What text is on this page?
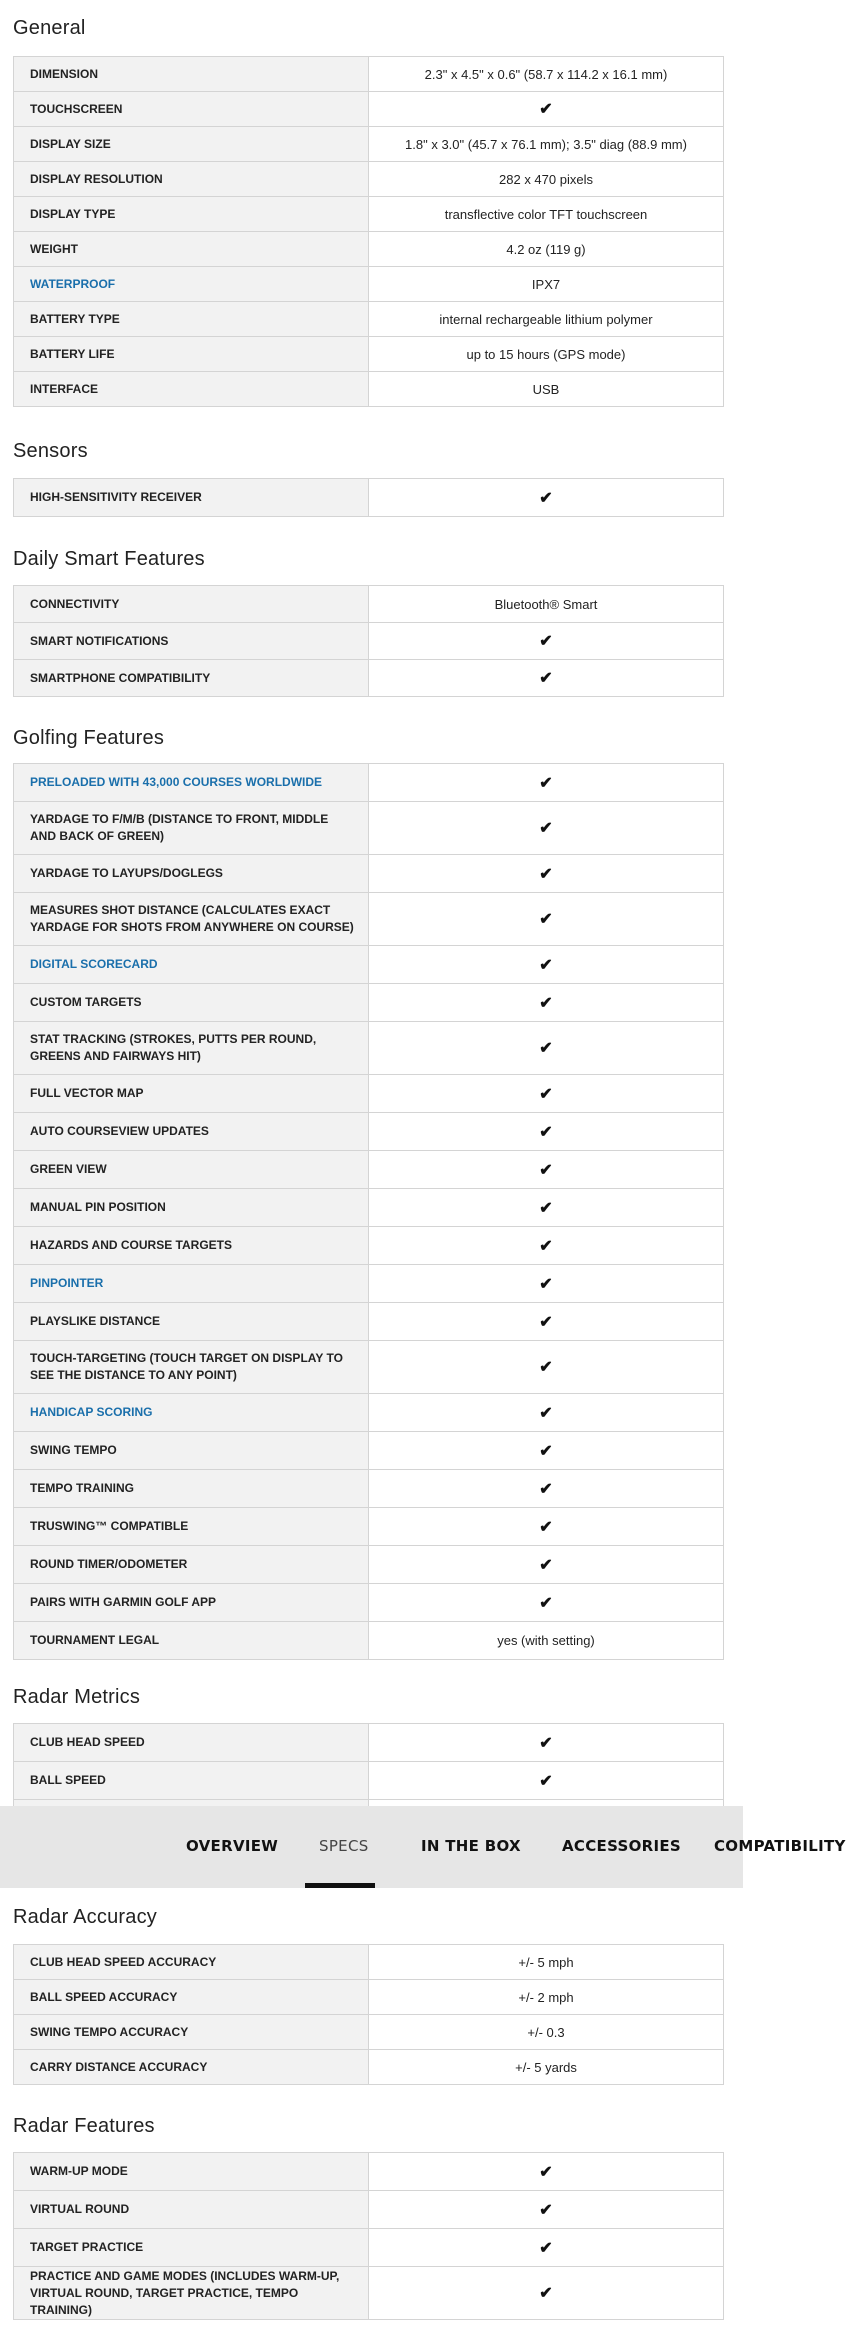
General
DIMENSION	2.3" x 4.5" x 0.6" (58.7 x 114.2 x 16.1 mm)
TOUCHSCREEN	✔
DISPLAY SIZE	1.8" x 3.0" (45.7 x 76.1 mm); 3.5" diag (88.9 mm)
DISPLAY RESOLUTION	282 x 470 pixels
DISPLAY TYPE	transflective color TFT touchscreen
WEIGHT	4.2 oz (119 g)
WATERPROOF	IPX7
BATTERY TYPE	internal rechargeable lithium polymer
BATTERY LIFE	up to 15 hours (GPS mode)
INTERFACE	USB
Sensors
HIGH-SENSITIVITY RECEIVER	✔
Daily Smart Features
CONNECTIVITY	Bluetooth® Smart
SMART NOTIFICATIONS	✔
SMARTPHONE COMPATIBILITY	✔
Golfing Features
PRELOADED WITH 43,000 COURSES WORLDWIDE	✔
YARDAGE TO F/M/B (DISTANCE TO FRONT, MIDDLE AND BACK OF GREEN)	✔
YARDAGE TO LAYUPS/DOGLEGS	✔
MEASURES SHOT DISTANCE (CALCULATES EXACT YARDAGE FOR SHOTS FROM ANYWHERE ON COURSE)	✔
DIGITAL SCORECARD	✔
CUSTOM TARGETS	✔
STAT TRACKING (STROKES, PUTTS PER ROUND, GREENS AND FAIRWAYS HIT)	✔
FULL VECTOR MAP	✔
AUTO COURSEVIEW UPDATES	✔
GREEN VIEW	✔
MANUAL PIN POSITION	✔
HAZARDS AND COURSE TARGETS	✔
PINPOINTER	✔
PLAYSLIKE DISTANCE	✔
TOUCH-TARGETING (TOUCH TARGET ON DISPLAY TO SEE THE DISTANCE TO ANY POINT)	✔
HANDICAP SCORING	✔
SWING TEMPO	✔
TEMPO TRAINING	✔
TRUSWING™ COMPATIBLE	✔
ROUND TIMER/ODOMETER	✔
PAIRS WITH GARMIN GOLF APP	✔
TOURNAMENT LEGAL	yes (with setting)
Radar Metrics
CLUB HEAD SPEED	✔
BALL SPEED	✔

OVERVIEW	SPECS	IN THE BOX	ACCESSORIES COMPATIBILITY
Radar Accuracy
CLUB HEAD SPEED ACCURACY	+/- 5 mph
BALL SPEED ACCURACY	+/- 2 mph
SWING TEMPO ACCURACY	+/- 0.3
CARRY DISTANCE ACCURACY	+/- 5 yards
Radar Features
WARM-UP MODE	✔
VIRTUAL ROUND	✔
TARGET PRACTICE	✔
PRACTICE AND GAME MODES (INCLUDES WARM-UP, VIRTUAL ROUND, TARGET PRACTICE, TEMPO TRAINING)	✔
